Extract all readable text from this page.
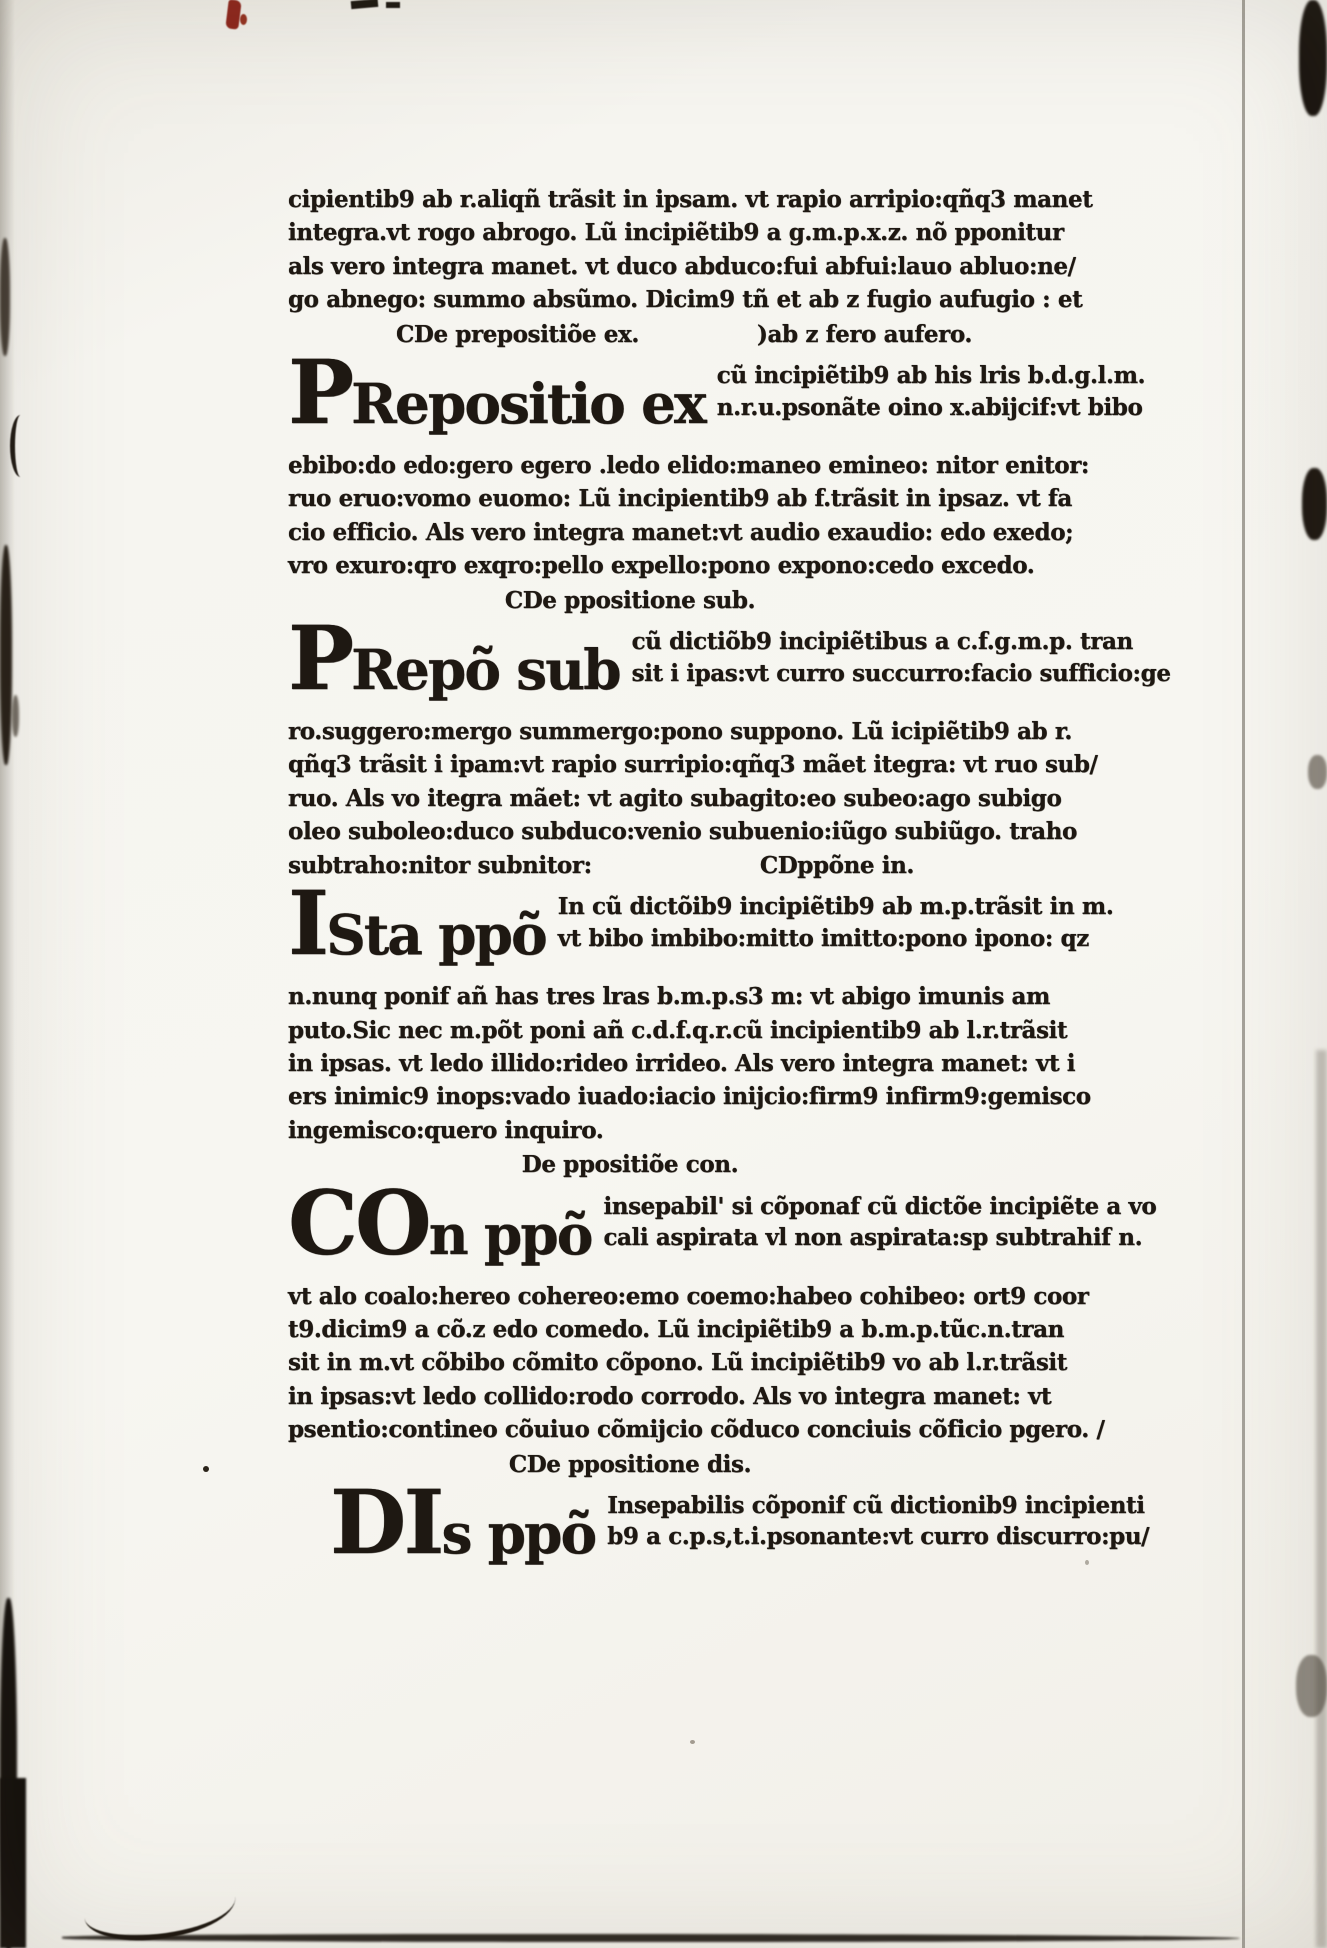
cipientib9 ab r.aliqñ trãsit in ipsam. vt rapio arripio:qñq3 manet
integra.vt rogo abrogo. Lũ incipiẽtib9 a g.m.p.x.z. nõ pponitur
als vero integra manet. vt duco abduco:fui abfui:lauo abluo:ne/
go abnego: summo absũmo. Dicim9 tñ et ab z fugio aufugio : et
CDe prepositiõe ex.	)ab z fero aufero.
PRepositio ex cũ incipiẽtib9 ab his lris b.d.g.l.m.
n.r.u.psonãte oino x.abijcif:vt bibo
ebibo:do edo:gero egero .ledo elido:maneo emineo: nitor enitor:
ruo eruo:vomo euomo: Lũ incipientib9 ab f.trãsit in ipsaz. vt fa
cio efficio. Als vero integra manet:vt audio exaudio: edo exedo;
vro exuro:qro exqro:pello expello:pono expono:cedo excedo.
CDe ppositione sub.
PRepõ sub cũ dictiõb9 incipiẽtibus a c.f.g.m.p. tran
sit i ipas:vt curro succurro:facio sufficio:ge
ro.suggero:mergo summergo:pono suppono. Lũ icipiẽtib9 ab r.
qñq3 trãsit i ipam:vt rapio surripio:qñq3 mãet itegra: vt ruo sub/
ruo. Als vo itegra mãet: vt agito subagito:eo subeo:ago subigo
oleo suboleo:duco subduco:venio subuenio:iũgo subiũgo. traho
subtraho:nitor subnitor:	CDppõne in.
ISta ppõ In cũ dictõib9 incipiẽtib9 ab m.p.trãsit in m.
vt bibo imbibo:mitto imitto:pono ipono: qz
n.nunq ponif añ has tres lras b.m.p.s3 m: vt abigo imunis am
puto.Sic nec m.põt poni añ c.d.f.q.r.cũ incipientib9 ab l.r.trãsit
in ipsas. vt ledo illido:rideo irrideo. Als vero integra manet: vt i
ers inimic9 inops:vado iuado:iacio inijcio:firm9 infirm9:gemisco
ingemisco:quero inquiro.
De ppositiõe con.
COn ppõ insepabil' si cõponaf cũ dictõe incipiẽte a vo
cali aspirata vl non aspirata:sp subtrahif n.
vt alo coalo:hereo cohereo:emo coemo:habeo cohibeo: ort9 coor
t9.dicim9 a cõ.z edo comedo. Lũ incipiẽtib9 a b.m.p.tũc.n.tran
sit in m.vt cõbibo cõmito cõpono. Lũ incipiẽtib9 vo ab l.r.trãsit
in ipsas:vt ledo collido:rodo corrodo. Als vo integra manet: vt
psentio:contineo cõuiuo cõmijcio cõduco conciuis cõficio pgero. /
CDe ppositione dis.
DIs ppõ Insepabilis cõponif cũ dictionib9 incipienti
b9 a c.p.s,t.i.psonante:vt curro discurro:pu/
